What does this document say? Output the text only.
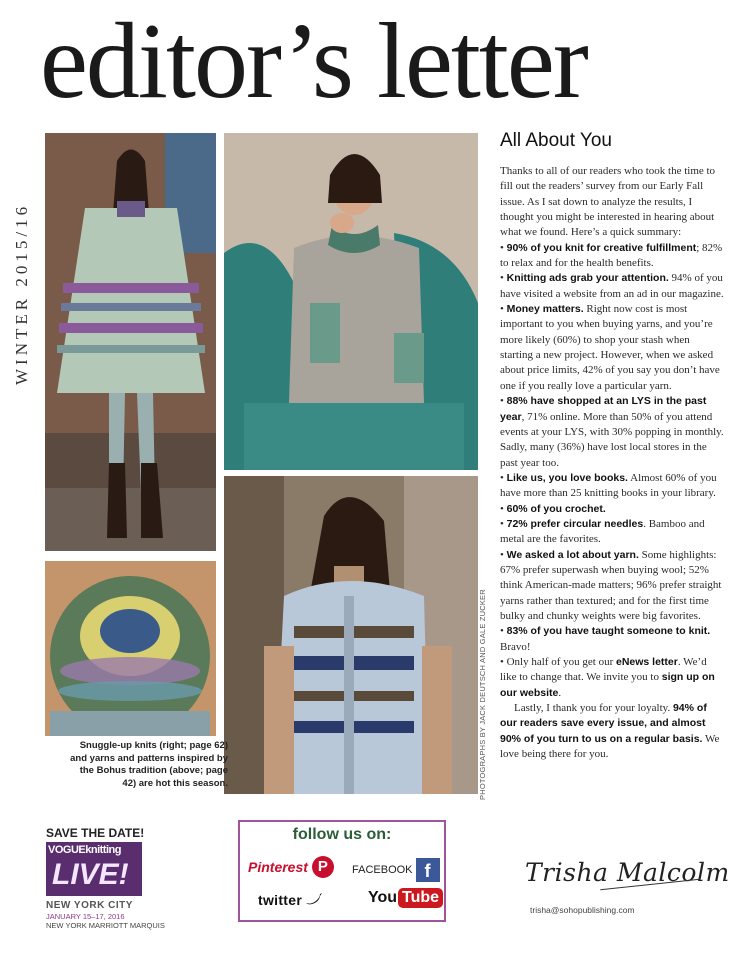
editor’s letter
WINTER 2015/16
PHOTOGRAPHS BY JACK DEUTSCH AND GALE ZUCKER
Snuggle-up knits (right; page 62) and yarns and patterns inspired by the Bohus tradition (above; page 42) are hot this season.
All About You

Thanks to all of our readers who took the time to fill out the readers’ survey from our Early Fall issue. As I sat down to analyze the results, I thought you might be interested in hearing about what we found. Here’s a quick summary:

• 90% of you knit for creative fulfillment; 82% to relax and for the health benefits.

• Knitting ads grab your attention. 94% of you have visited a website from an ad in our magazine.

• Money matters. Right now cost is most important to you when buying yarns, and you’re more likely (60%) to shop your stash when starting a new project. However, when we asked about price limits, 42% of you say you don’t have one if you really love a particular yarn.

• 88% have shopped at an LYS in the past year, 71% online. More than 50% of you attend events at your LYS, with 30% popping in monthly. Sadly, many (36%) have lost local stores in the past year too.

• Like us, you love books. Almost 60% of you have more than 25 knitting books in your library.

• 60% of you crochet.

• 72% prefer circular needles. Bamboo and metal are the favorites.

• We asked a lot about yarn. Some highlights: 67% prefer superwash when buying wool; 52% think American-made matters; 96% prefer straight yarns rather than textured; and for the first time bulky and chunky weights were big favorites.

• 83% of you have taught someone to knit. Bravo!

• Only half of you get our eNews letter. We’d like to change that. We invite you to sign up on our website.

Lastly, I thank you for your loyalty. 94% of our readers save every issue, and almost 90% of you turn to us on a regular basis. We love being there for you.

SAVE THE DATE!
VOGUEknitting
LIVE!
NEW YORK CITY
JANUARY 15–17, 2016
NEW YORK MARRIOTT MARQUIS
follow us on:
Pinterest P	FACEBOOK f
twitter	You Tube
Trisha Malcolm
trisha@sohopublishing.com
